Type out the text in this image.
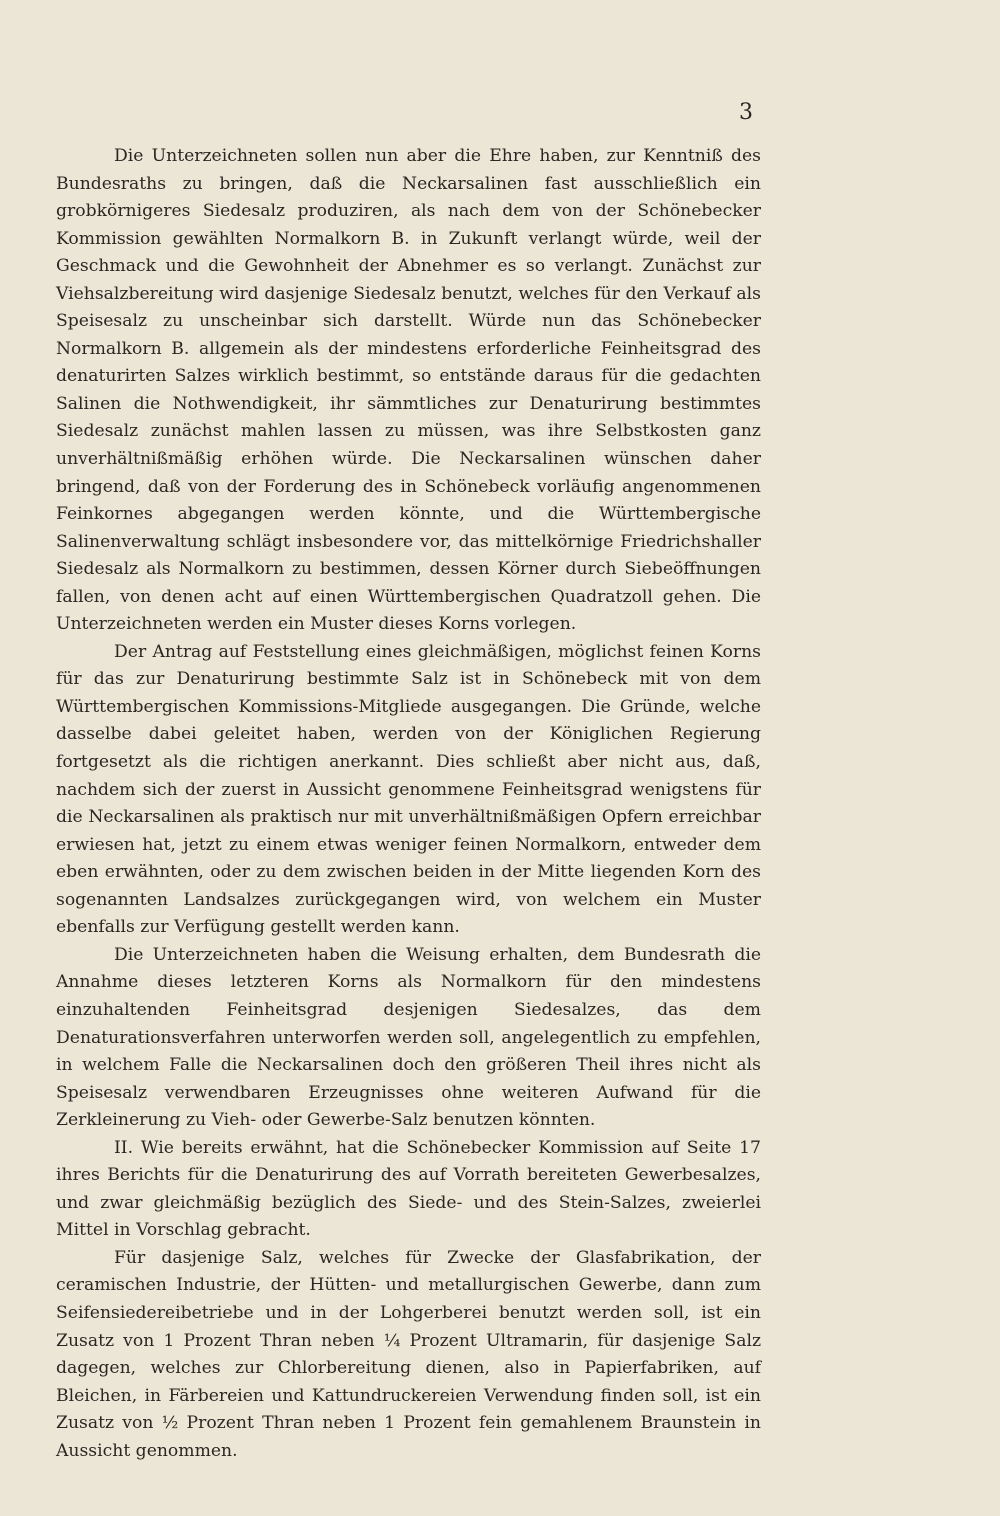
3

Die Unterzeichneten sollen nun aber die Ehre haben, zur Kenntniß des Bundesraths zu bringen, daß die Neckarsalinen fast ausschließlich ein grobkörnigeres Siedesalz produziren, als nach dem von der Schönebecker Kommission gewählten Normalkorn B. in Zukunft verlangt würde, weil der Geschmack und die Gewohnheit der Abnehmer es so verlangt. Zunächst zur Viehsalzbereitung wird dasjenige Siedesalz benutzt, welches für den Verkauf als Speisesalz zu unscheinbar sich darstellt. Würde nun das Schönebecker Normalkorn B. allgemein als der mindestens erforderliche Feinheitsgrad des denaturirten Salzes wirklich bestimmt, so entstände daraus für die gedachten Salinen die Nothwendigkeit, ihr sämmtliches zur Denaturirung bestimmtes Siedesalz zunächst mahlen lassen zu müssen, was ihre Selbstkosten ganz unverhältnißmäßig erhöhen würde. Die Neckarsalinen wünschen daher bringend, daß von der Forderung des in Schönebeck vorläufig angenommenen Feinkornes abgegangen werden könnte, und die Württembergische Salinenverwaltung schlägt insbesondere vor, das mittelkörnige Friedrichshaller Siedesalz als Normalkorn zu bestimmen, dessen Körner durch Siebeöffnungen fallen, von denen acht auf einen Württembergischen Quadratzoll gehen. Die Unterzeichneten werden ein Muster dieses Korns vorlegen.

Der Antrag auf Feststellung eines gleichmäßigen, möglichst feinen Korns für das zur Denaturirung bestimmte Salz ist in Schönebeck mit von dem Württembergischen Kommissions-Mitgliede ausgegangen. Die Gründe, welche dasselbe dabei geleitet haben, werden von der Königlichen Regierung fortgesetzt als die richtigen anerkannt. Dies schließt aber nicht aus, daß, nachdem sich der zuerst in Aussicht genommene Feinheitsgrad wenigstens für die Neckarsalinen als praktisch nur mit unverhältnißmäßigen Opfern erreichbar erwiesen hat, jetzt zu einem etwas weniger feinen Normalkorn, entweder dem eben erwähnten, oder zu dem zwischen beiden in der Mitte liegenden Korn des sogenannten Landsalzes zurückgegangen wird, von welchem ein Muster ebenfalls zur Verfügung gestellt werden kann.

Die Unterzeichneten haben die Weisung erhalten, dem Bundesrath die Annahme dieses letzteren Korns als Normalkorn für den mindestens einzuhaltenden Feinheitsgrad desjenigen Siedesalzes, das dem Denaturationsverfahren unterworfen werden soll, angelegentlich zu empfehlen, in welchem Falle die Neckarsalinen doch den größeren Theil ihres nicht als Speisesalz verwendbaren Erzeugnisses ohne weiteren Aufwand für die Zerkleinerung zu Vieh- oder Gewerbe-Salz benutzen könnten.

II. Wie bereits erwähnt, hat die Schönebecker Kommission auf Seite 17 ihres Berichts für die Denaturirung des auf Vorrath bereiteten Gewerbesalzes, und zwar gleichmäßig bezüglich des Siede- und des Stein-Salzes, zweierlei Mittel in Vorschlag gebracht.

Für dasjenige Salz, welches für Zwecke der Glasfabrikation, der ceramischen Industrie, der Hütten- und metallurgischen Gewerbe, dann zum Seifensiedereibetriebe und in der Lohgerberei benutzt werden soll, ist ein Zusatz von 1 Prozent Thran neben ¼ Prozent Ultramarin, für dasjenige Salz dagegen, welches zur Chlorbereitung dienen, also in Papierfabriken, auf Bleichen, in Färbereien und Kattundruckereien Verwendung finden soll, ist ein Zusatz von ½ Prozent Thran neben 1 Prozent fein gemahlenem Braunstein in Aussicht genommen.
